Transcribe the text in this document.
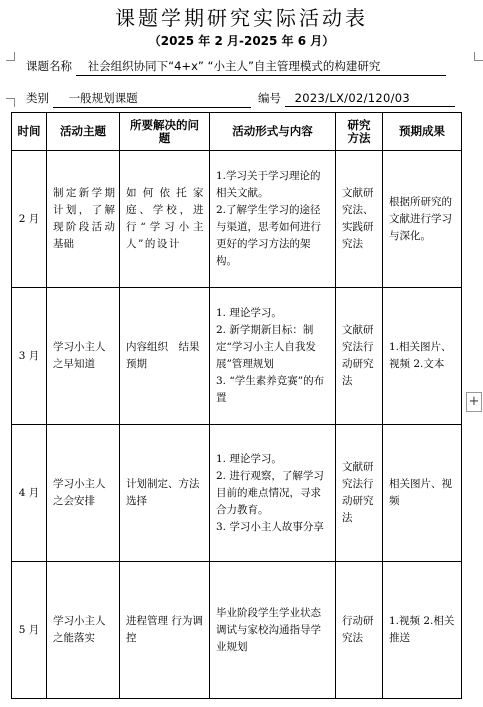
课题学期研究实际活动表
（2025 年 2 月-2025 年 6 月）
课题名称 社会组织协同下“4+x” “小主人”自主管理模式的构建研究
类别 一般规划课题	编号 2023/LX/02/120/03
时间	活动主题	所要解决的问题	活动形式与内容	研究方法	预期成果
2 月	制定新学期计划，了解现阶段活动基础	如何依托家庭、学校，进行“学习小主人”的设计	1.学习关于学习理论的相关文献。
2.了解学生学习的途径与渠道，思考如何进行更好的学习方法的架构。	文献研究法、实践研究法	根据所研究的文献进行学习与深化。

3 月	学习小主人之早知道	内容组织　结果预期	1. 理论学习。
2. 新学期新目标：制定“学习小主人自我发展”管理规划
3. “学生素养竞赛”的布置	文献研究法行动研究法	1.相关图片、视频 2.文本

4 月	学习小主人之会安排	计划制定、方法选择	1. 理论学习。
2. 进行观察，了解学习目前的难点情况，寻求合力教育。
3. 学习小主人故事分享	文献研究法行动研究法	相关图片、视频

5 月	学习小主人之能落实	进程管理 行为调控	毕业阶段学生学业状态调试与家校沟通指导学业规划	行动研究法	1.视频 2.相关推送
+
